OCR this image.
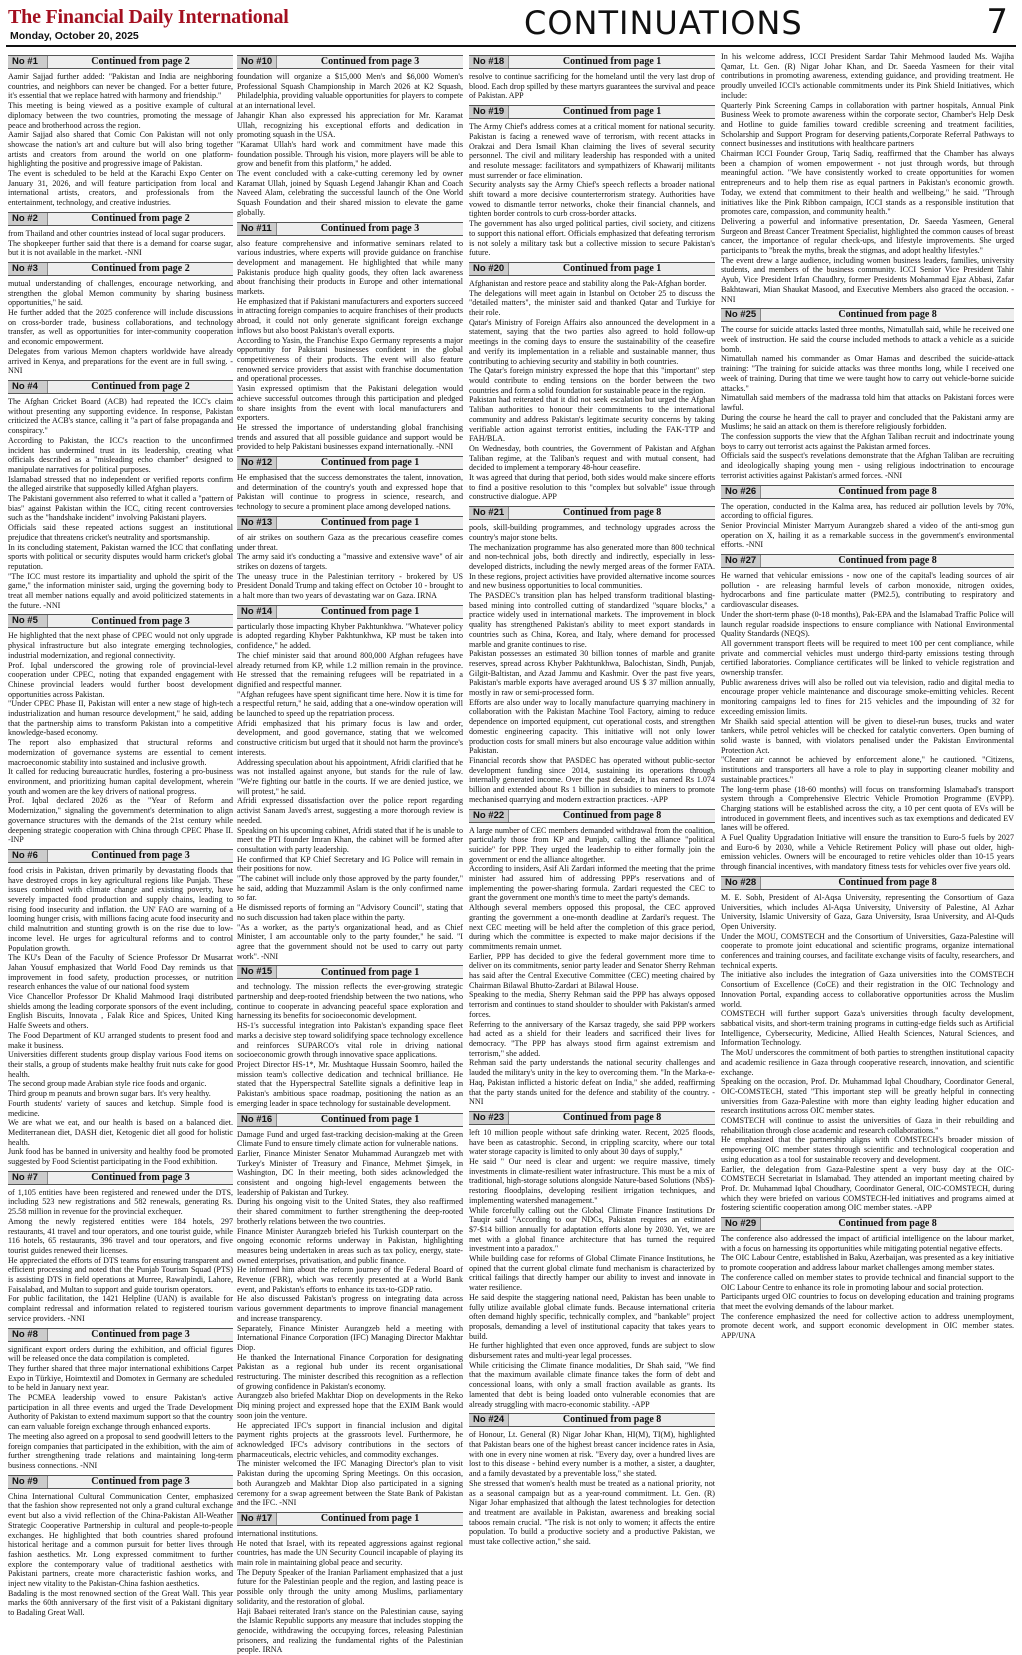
The Financial Daily International
Monday, October 20, 2025	CONTINUATIONS	7
No #1	Continued from page 2

Aamir Sajjad further added: "Pakistan and India are neighboring countries, and neighbors can never be changed. For a better future, it's essential that we replace hatred with harmony and friendship."

This meeting is being viewed as a positive example of cultural diplomacy between the two countries, promoting the message of peace and brotherhood across the region.

Aamir Sajjad also shared that Comic Con Pakistan will not only showcase the nation's art and culture but will also bring together artists and creators from around the world on one platform-highlighting the positive and progressive image of Pakistan.

The event is scheduled to be held at the Karachi Expo Center on January 31, 2026, and will feature participation from local and international artists, creators, and professionals from the entertainment, technology, and creative industries.

No #2	Continued from page 2

from Thailand and other countries instead of local sugar producers.

The shopkeeper further said that there is a demand for coarse sugar, but it is not available in the market. -NNI

No #3	Continued from page 2

mutual understanding of challenges, encourage networking, and strengthen the global Memon community by sharing business opportunities," he said.

He further added that the 2025 conference will include discussions on cross-border trade, business collaborations, and technology transfer, as well as opportunities for inter-community cooperation and economic empowerment.

Delegates from various Memon chapters worldwide have already arrived in Kenya, and preparations for the event are in full swing. -NNI

No #4	Continued from page 2

The Afghan Cricket Board (ACB) had repeated the ICC's claim without presenting any supporting evidence. In response, Pakistan criticized the ACB's stance, calling it "a part of false propaganda and conspiracy."

According to Pakistan, the ICC's reaction to the unconfirmed incident has undermined trust in its leadership, creating what officials described as a "misleading echo chamber" designed to manipulate narratives for political purposes.

Islamabad stressed that no independent or verified reports confirm the alleged airstrike that supposedly killed Afghan players.

The Pakistani government also referred to what it called a "pattern of bias" against Pakistan within the ICC, citing recent controversies such as the "handshake incident" involving Pakistani players.

Officials said these repeated actions suggest an institutional prejudice that threatens cricket's neutrality and sportsmanship.

In its concluding statement, Pakistan warned the ICC that conflating sports with political or security disputes would harm cricket's global reputation.

"The ICC must restore its impartiality and uphold the spirit of the game," the information minister said, urging the governing body to treat all member nations equally and avoid politicized statements in the future. -NNI

No #5	Continued from page 3

He highlighted that the next phase of CPEC would not only upgrade physical infrastructure but also integrate emerging technologies, industrial modernization, and regional connectivity.

Prof. Iqbal underscored the growing role of provincial-level cooperation under CPEC, noting that expanded engagement with Chinese provincial leaders would further boost development opportunities across Pakistan.

"Under CPEC Phase II, Pakistan will enter a new stage of high-tech industrialization and human resource development," he said, adding that the partnership aims to transform Pakistan into a competitive knowledge-based economy.

The report also emphasized that structural reforms and modernization of governance systems are essential to cement macroeconomic stability into sustained and inclusive growth.

It called for reducing bureaucratic hurdles, fostering a pro-business environment, and prioritizing human capital development, wherein youth and women are the key drivers of national progress.

Prof. Iqbal declared 2026 as the "Year of Reform and Modernization," signaling the government's determination to align governance structures with the demands of the 21st century while deepening strategic cooperation with China through CPEC Phase II. -INP

No #6	Continued from page 3

food crisis in Pakistan, driven primarily by devastating floods that have destroyed crops in key agricultural regions like Punjab. These issues combined with climate change and existing poverty, have severely impacted food production and supply chains, leading to rising food insecurity and inflation. the UN' FAO are warning of a looming hunger crisis, with millions facing acute food insecurity and child malnutrition and stunting growth is on the rise due to low-income level. He urges for agricultural reforms and to control Population growth.

The KU's Dean of the Faculty of Science Professor Dr Musarrat Jahan Yousuf emphasized that World Food Day reminds us that improvement in food safety, production processes, or nutrition research enhances the value of our national food system

Vice Chancellor Professor Dr Khalid Mahmood Iraqi distributed shields among the leading corporate sponsors of the event including, English Biscuits, Innovata , Falak Rice and Spices, United King Halfe Sweets and others.

The Food Department of KU arranged students to present food and make it business.

Universities different students group display various Food items on their stalls, a group of students make healthy fruit nuts cake for good health.

The second group made Arabian style rice foods and organic.

Third group m peanuts and brown sugar bars. It's very healthy.

Fourth students' variety of sauces and ketchup. Simple food is medicine.

We are what we eat, and our health is based on a balanced diet. Mediterranean diet, DASH diet, Ketogenic diet all good for holistic health.

Junk food has be banned in university and healthy food be promoted suggested by Food Scientist participating in the Food exhibition.

No #7	Continued from page 3

of 1,105 entities have been registered and renewed under the DTS, including 523 new registrations and 582 renewals, generating Rs. 25.58 million in revenue for the provincial exchequer.

Among the newly registered entities were 184 hotels, 297 restaurants, 41 travel and tour operators, and one tourist guide, while 116 hotels, 65 restaurants, 396 travel and tour operators, and five tourist guides renewed their licenses.

He appreciated the efforts of DTS teams for ensuring transparent and efficient processing and noted that the Punjab Tourism Squad (PTS) is assisting DTS in field operations at Murree, Rawalpindi, Lahore, Faisalabad, and Multan to support and guide tourism operators.

For public facilitation, the 1421 Helpline (UAN) is available for complaint redressal and information related to registered tourism service providers. -NNI

No #8	Continued from page 3

significant export orders during the exhibition, and official figures will be released once the data compilation is completed.

They further shared that three major international exhibitions Carpet Expo in Türkiye, Hoimtextil and Domotex in Germany are scheduled to be held in January next year.

The PCMEA leadership vowed to ensure Pakistan's active participation in all three events and urged the Trade Development Authority of Pakistan to extend maximum support so that the country can earn valuable foreign exchange through enhanced exports.

The meeting also agreed on a proposal to send goodwill letters to the foreign companies that participated in the exhibition, with the aim of further strengthening trade relations and maintaining long-term business connections. -NNI

No #9	Continued from page 3

China International Cultural Communication Center, emphasized that the fashion show represented not only a grand cultural exchange event but also a vivid reflection of the China-Pakistan All-Weather Strategic Cooperative Partnership in cultural and people-to-people exchanges. He highlighted that both countries shared profound historical heritage and a common pursuit for better lives through fashion aesthetics. Mr. Long expressed commitment to further explore the contemporary value of traditional aesthetics with Pakistani partners, create more characteristic fashion works, and inject new vitality to the Pakistan-China fashion aesthetics.

Badaling is the most renowned section of the Great Wall. This year marks the 60th anniversary of the first visit of a Pakistani dignitary to Badaling Great Wall.

No #10	Continued from page 3

foundation will organize a $15,000 Men's and $6,000 Women's Professional Squash Championship in March 2026 at K2 Squash, Philadelphia, providing valuable opportunities for players to compete at an international level.

Jahangir Khan also expressed his appreciation for Mr. Karamat Ullah, recognizing his exceptional efforts and dedication in promoting squash in the USA.

"Karamat Ullah's hard work and commitment have made this foundation possible. Through his vision, more players will be able to grow and benefit from this platform," he added.

The event concluded with a cake-cutting ceremony led by owner Karamat Ullah, joined by Squash Legend Jahangir Khan and Coach Naveed Alam, celebrating the successful launch of the One World Squash Foundation and their shared mission to elevate the game globally.

No #11	Continued from page 3

also feature comprehensive and informative seminars related to various industries, where experts will provide guidance on franchise development and management. He highlighted that while many Pakistanis produce high quality goods, they often lack awareness about franchising their products in Europe and other international markets.

He emphasized that if Pakistani manufacturers and exporters succeed in attracting foreign companies to acquire franchises of their products abroad, it could not only generate significant foreign exchange inflows but also boost Pakistan's overall exports.

According to Yasin, the Franchise Expo Germany represents a major opportunity for Pakistani businesses confident in the global competitiveness of their products. The event will also feature renowned service providers that assist with franchise documentation and operational processes.

Yasin expressed optimism that the Pakistani delegation would achieve successful outcomes through this participation and pledged to share insights from the event with local manufacturers and exporters.

He stressed the importance of understanding global franchising trends and assured that all possible guidance and support would be provided to help Pakistani businesses expand internationally. -NNI

No #12	Continued from page 1

He emphasised that the success demonstrates the talent, innovation, and determination of the country's youth and expressed hope that Pakistan will continue to progress in science, research, and technology to secure a prominent place among developed nations.

No #13	Continued from page 1

of air strikes on southern Gaza as the precarious ceasefire comes under threat.

The army said it's conducting a "massive and extensive wave" of air strikes on dozens of targets.

The uneasy truce in the Palestinian territory - brokered by US President Donald Trump and taking effect on October 10 - brought to a halt more than two years of devastating war on Gaza. IRNA

No #14	Continued from page 1

particularly those impacting Khyber Pakhtunkhwa. "Whatever policy is adopted regarding Khyber Pakhtunkhwa, KP must be taken into confidence," he added.

The chief minister said that around 800,000 Afghan refugees have already returned from KP, while 1.2 million remain in the province. He stressed that the remaining refugees will be repatriated in a dignified and respectful manner.

"Afghan refugees have spent significant time here. Now it is time for a respectful return," he said, adding that a one-window operation will be launched to speed up the repatriation process.

Afridi emphasized that his primary focus is law and order, development, and good governance, stating that we welcomed constructive criticism but urged that it should not harm the province's interests.

Addressing speculation about his appointment, Afridi clarified that he was not installed against anyone, but stands for the rule of law. "We're fighting our battle in the courts. If we are denied justice, we will protest," he said.

Afridi expressed dissatisfaction over the police report regarding activist Sanam Javed's arrest, suggesting a more thorough review is needed.

Speaking on his upcoming cabinet, Afridi stated that if he is unable to meet the PTI founder Imran Khan, the cabinet will be formed after consultation with party leadership.

He confirmed that KP Chief Secretary and IG Police will remain in their positions for now.

"The cabinet will include only those approved by the party founder," he said, adding that Muzzammil Aslam is the only confirmed name so far.

He dismissed reports of forming an "Advisory Council", stating that no such discussion had taken place within the party.

"As a worker, as the party's organizational head, and as Chief Minister, I am accountable only to the party founder," he said. "I agree that the government should not be used to carry out party work". -NNI

No #15	Continued from page 1

and technology. The mission reflects the ever-growing strategic partnership and deep-rooted friendship between the two nations, who continue to cooperate in advancing peaceful space exploration and harnessing its benefits for socioeconomic development.

HS-1's successful integration into Pakistan's expanding space fleet marks a decisive step toward solidifying space technology excellence and reinforces SUPARCO's vital role in driving national socioeconomic growth through innovative space applications.

Project Director HS-1*, Mr. Mushtaque Hussain Soomro, hailed the mission team's collective dedication and technical brilliance. He stated that the Hyperspectral Satellite signals a definitive leap in Pakistan's ambitious space roadmap, positioning the nation as an emerging leader in space technology for sustainable development.

No #16	Continued from page 1

Damage Fund and urged fast-tracking decision-making at the Green Climate Fund to ensure timely climate action for vulnerable nations.

Earlier, Finance Minister Senator Muhammad Aurangzeb met with Turkey's Minister of Treasury and Finance, Mehmet Şimşek, in Washington, DC In their meeting, both sides acknowledged the consistent and ongoing high-level engagements between the leadership of Pakistan and Turkey.

During his ongoing visit to the United States, they also reaffirmed their shared commitment to further strengthening the deep-rooted brotherly relations between the two countries.

Finance Minister Aurangzeb briefed his Turkish counterpart on the ongoing economic reforms underway in Pakistan, highlighting measures being undertaken in areas such as tax policy, energy, state-owned enterprises, privatisation, and public finance.

He informed him about the reform journey of the Federal Board of Revenue (FBR), which was recently presented at a World Bank event, and Pakistan's efforts to enhance its tax-to-GDP ratio.

He also discussed Pakistan's progress on integrating data across various government departments to improve financial management and increase transparency.

Separately, Finance Minister Aurangzeb held a meeting with International Finance Corporation (IFC) Managing Director Makhtar Diop.

He thanked the International Finance Corporation for designating Pakistan as a regional hub under its recent organisational restructuring. The minister described this recognition as a reflection of growing confidence in Pakistan's economy.

Aurangzeb also briefed Makhtar Diop on developments in the Reko Diq mining project and expressed hope that the EXIM Bank would soon join the venture.

He appreciated IFC's support in financial inclusion and digital payment rights projects at the grassroots level. Furthermore, he acknowledged IFC's advisory contributions in the sectors of pharmaceuticals, electric vehicles, and commodity exchanges.

The minister welcomed the IFC Managing Director's plan to visit Pakistan during the upcoming Spring Meetings. On this occasion, both Aurangzeb and Makhtar Diop also participated in a signing ceremony for a swap agreement between the State Bank of Pakistan and the IFC. -NNI

No #17	Continued from page 1

international institutions.

He noted that Israel, with its repeated aggressions against regional countries, has made the UN Security Council incapable of playing its main role in maintaining global peace and security.

The Deputy Speaker of the Iranian Parliament emphasized that a just future for the Palestinian people and the region, and lasting peace is possible only through the unity among Muslims, parliamentary solidarity, and the restoration of global.

Haji Babaei reiterated Iran's stance on the Palestinian cause, saying the Islamic Republic supports any measure that includes stopping the genocide, withdrawing the occupying forces, releasing Palestinian prisoners, and realizing the fundamental rights of the Palestinian people. IRNA

No #18	Continued from page 1

resolve to continue sacrificing for the homeland until the very last drop of blood. Each drop spilled by these martyrs guarantees the survival and peace of Pakistan. APP

No #19	Continued from page 1

The Army Chief's address comes at a critical moment for national security. Pakistan is facing a renewed wave of terrorism, with recent attacks in Orakzai and Dera Ismail Khan claiming the lives of several security personnel. The civil and military leadership has responded with a united and resolute message: facilitators and sympathizers of Khawarij militants must surrender or face elimination.

Security analysts say the Army Chief's speech reflects a broader national shift toward a more decisive counterterrorism strategy. Authorities have vowed to dismantle terror networks, choke their financial channels, and tighten border controls to curb cross-border attacks.

The government has also urged political parties, civil society, and citizens to support this national effort. Officials emphasized that defeating terrorism is not solely a military task but a collective mission to secure Pakistan's future.

No #20	Continued from page 1

Afghanistan and restore peace and stability along the Pak-Afghan border.

The delegations will meet again in Istanbul on October 25 to discuss the "detailed matters", the minister said and thanked Qatar and Turkiye for their role.

Qatar's Ministry of Foreign Affairs also announced the development in a statement, saying that the two parties also agreed to hold follow-up meetings in the coming days to ensure the sustainability of the ceasefire and verify its implementation in a reliable and sustainable manner, thus contributing to achieving security and stability in both countries.

The Qatar's foreign ministry expressed the hope that this "important" step would contribute to ending tensions on the border between the two countries and form a solid foundation for sustainable peace in the region.

Pakistan had reiterated that it did not seek escalation but urged the Afghan Taliban authorities to honour their commitments to the international community and address Pakistan's legitimate security concerns by taking verifiable action against terrorist entities, including the FAK-TTP and FAH/BLA.

On Wednesday, both countries, the Government of Pakistan and Afghan Taliban regime, at the Taliban's request and with mutual consent, had decided to implement a temporary 48-hour ceasefire.

It was agreed that during that period, both sides would make sincere efforts to find a positive resolution to this "complex but solvable" issue through constructive dialogue. APP

No #21	Continued from page 8

pools, skill-building programmes, and technology upgrades across the country's major stone belts.

The mechanization programme has also generated more than 800 technical and non-technical jobs, both directly and indirectly, especially in less-developed districts, including the newly merged areas of the former FATA. In these regions, project activities have provided alternative income sources and new business opportunities to local communities.

The PASDEC's transition plan has helped transform traditional blasting-based mining into controlled cutting of standardized "square blocks," a practice widely used in international markets. The improvement in block quality has strengthened Pakistan's ability to meet export standards in countries such as China, Korea, and Italy, where demand for processed marble and granite continues to rise.

Pakistan possesses an estimated 30 billion tonnes of marble and granite reserves, spread across Khyber Pakhtunkhwa, Balochistan, Sindh, Punjab, Gilgit-Baltistan, and Azad Jammu and Kashmir. Over the past five years, Pakistan's marble exports have averaged around US $ 37 million annually, mostly in raw or semi-processed form.

Efforts are also under way to locally manufacture quarrying machinery in collaboration with the Pakistan Machine Tool Factory, aiming to reduce dependence on imported equipment, cut operational costs, and strengthen domestic engineering capacity. This initiative will not only lower production costs for small miners but also encourage value addition within Pakistan.

Financial records show that PASDEC has operated without public-sector development funding since 2014, sustaining its operations through internally generated income. Over the past decade, it has earned Rs 1.074 billion and extended about Rs 1 billion in subsidies to miners to promote mechanised quarrying and modern extraction practices. -APP

No #22	Continued from page 8

A large number of CEC members demanded withdrawal from the coalition, particularly those from KP and Punjab, calling the alliance "political suicide" for PPP. They urged the leadership to either formally join the government or end the alliance altogether.

According to insiders, Asif Ali Zardari informed the meeting that the prime minister had assured him of addressing PPP's reservations and of implementing the power-sharing formula. Zardari requested the CEC to grant the government one month's time to meet the party's demands.

Although several members opposed this proposal, the CEC approved granting the government a one-month deadline at Zardari's request. The next CEC meeting will be held after the completion of this grace period, during which the committee is expected to make major decisions if the commitments remain unmet.

Earlier, PPP has decided to give the federal government more time to deliver on its commitments, senior party leader and Senator Sherry Rehman has said after the Central Executive Committee (CEC) meeting chaired by Chairman Bilawal Bhutto-Zardari at Bilawal House.

Speaking to the media, Sherry Rehman said the PPP has always opposed terrorism and continues to stand shoulder to shoulder with Pakistan's armed forces.

Referring to the anniversary of the Karsaz tragedy, she said PPP workers had acted as a shield for their leaders and sacrificed their lives for democracy. "The PPP has always stood firm against extremism and terrorism," she added.

Rehman said the party understands the national security challenges and lauded the military's unity in the key to overcoming them. "In the Marka-e-Haq, Pakistan inflicted a historic defeat on India," she added, reaffirming that the party stands united for the defence and stability of the country. -NNI

No #23	Continued from page 8

left 10 million people without safe drinking water. Recent, 2025 floods, have been as catastrophic. Second, in crippling scarcity, where our total water storage capacity is limited to only about 30 days of supply,"

He said " Our need is clear and urgent: we require massive, timely investments in climate-resilient water infrastructure. This must be a mix of traditional, high-storage solutions alongside Nature-based Solutions (NbS)-restoring floodplains, developing resilient irrigation techniques, and implementing watershed management."

While forcefully calling out the Global Climate Finance Institutions Dr Tauqir said "According to our NDCs, Pakistan requires an estimated $7-$14 billion annually for adaptation efforts alone by 2030. Yet, we are met with a global finance architecture that has turned the required investment into a paradox."

While building case for reforms of Global Climate Finance Institutions, he opined that the current global climate fund mechanism is characterized by critical failings that directly hamper our ability to invest and innovate in water resilience.

He said despite the staggering national need, Pakistan has been unable to fully utilize available global climate funds. Because international criteria often demand highly specific, technically complex, and "bankable" project proposals, demanding a level of institutional capacity that takes years to build.

He further highlighted that even once approved, funds are subject to slow disbursement rates and multi-year legal processes.

While criticising the Climate finance modalities, Dr Shah said, "We find that the maximum available climate finance takes the form of debt and concessional loans, with only a small fraction available as grants. Its lamented that debt is being loaded onto vulnerable economies that are already struggling with macro-economic stability. -APP

No #24	Continued from page 8

of Honour, Lt. General (R) Nigar Johar Khan, HI(M), TI(M), highlighted that Pakistan bears one of the highest breast cancer incidence rates in Asia, with one in every nine women at risk. "Every day, over a hundred lives are lost to this disease - behind every number is a mother, a sister, a daughter, and a family devastated by a preventable loss," she stated.

She stressed that women's health must be treated as a national priority, not as a seasonal campaign but as a year-round commitment. Lt. Gen. (R) Nigar Johar emphasized that although the latest technologies for detection and treatment are available in Pakistan, awareness and breaking social taboos remain crucial. "The risk is not only to women; it affects the entire population. To build a productive society and a productive Pakistan, we must take collective action," she said.

In his welcome address, ICCI President Sardar Tahir Mehmood lauded Ms. Wajiha Qamar, Lt. Gen. (R) Nigar Johar Khan, and Dr. Saeeda Yasmeen for their vital contributions in promoting awareness, extending guidance, and providing treatment. He proudly unveiled ICCI's actionable commitments under its Pink Shield Initiatives, which include:

Quarterly Pink Screening Camps in collaboration with partner hospitals, Annual Pink Business Week to promote awareness within the corporate sector, Chamber's Help Desk and Hotline to guide families toward credible screening and treatment facilities, Scholarship and Support Program for deserving patients,Corporate Referral Pathways to connect businesses and institutions with healthcare partners

Chairman ICCI Founder Group, Tariq Sadiq, reaffirmed that the Chamber has always been a champion of women empowerment - not just through words, but through meaningful action. "We have consistently worked to create opportunities for women entrepreneurs and to help them rise as equal partners in Pakistan's economic growth. Today, we extend that commitment to their health and wellbeing," he said. "Through initiatives like the Pink Ribbon campaign, ICCI stands as a responsible institution that promotes care, compassion, and community health."

Delivering a powerful and informative presentation, Dr. Saeeda Yasmeen, General Surgeon and Breast Cancer Treatment Specialist, highlighted the common causes of breast cancer, the importance of regular check-ups, and lifestyle improvements. She urged participants to "break the myths, break the stigmas, and adopt healthy lifestyles."

The event drew a large audience, including women business leaders, families, university students, and members of the business community. ICCI Senior Vice President Tahir Ayub, Vice President Irfan Chaudhry, former Presidents Mohammad Ejaz Abbasi, Zafar Bakhtawari, Mian Shaukat Masood, and Executive Members also graced the occasion. -NNI

No #25	Continued from page 8

The course for suicide attacks lasted three months, Nimatullah said, while he received one week of instruction. He said the course included methods to attack a vehicle as a suicide bomb.

Nimatullah named his commander as Omar Hamas and described the suicide-attack training: "The training for suicide attacks was three months long, while I received one week of training. During that time we were taught how to carry out vehicle-borne suicide attacks."

Nimatullah said members of the madrassa told him that attacks on Pakistani forces were lawful.

During the course he heard the call to prayer and concluded that the Pakistani army are Muslims; he said an attack on them is therefore religiously forbidden.

The confession supports the view that the Afghan Taliban recruit and indoctrinate young boys to carry out terrorist acts against the Pakistan armed forces.

Officials said the suspect's revelations demonstrate that the Afghan Taliban are recruiting and ideologically shaping young men - using religious indoctrination to encourage terrorist activities against Pakistan's armed forces. -NNI

No #26	Continued from page 8

The operation, conducted in the Kalma area, has reduced air pollution levels by 70%, according to official figures.

Senior Provincial Minister Marryum Aurangzeb shared a video of the anti-smog gun operation on X, hailing it as a remarkable success in the government's environmental efforts. -NNI

No #27	Continued from page 8

He warned that vehicular emissions - now one of the capital's leading sources of air pollution - are releasing harmful levels of carbon monoxide, nitrogen oxides, hydrocarbons and fine particulate matter (PM2.5), contributing to respiratory and cardiovascular diseases.

Under the short-term phase (0-18 months), Pak-EPA and the Islamabad Traffic Police will launch regular roadside inspections to ensure compliance with National Environmental Quality Standards (NEQS).

All government transport fleets will be required to meet 100 per cent compliance, while private and commercial vehicles must undergo third-party emissions testing through certified laboratories. Compliance certificates will be linked to vehicle registration and ownership transfer.

Public awareness drives will also be rolled out via television, radio and digital media to encourage proper vehicle maintenance and discourage smoke-emitting vehicles. Recent monitoring campaigns led to fines for 215 vehicles and the impounding of 32 for exceeding emission limits.

Mr Shaikh said special attention will be given to diesel-run buses, trucks and water tankers, while petrol vehicles will be checked for catalytic converters. Open burning of solid waste is banned, with violators penalised under the Pakistan Environmental Protection Act.

"Cleaner air cannot be achieved by enforcement alone," he cautioned. "Citizens, institutions and transporters all have a role to play in supporting cleaner mobility and sustainable practices."

The long-term phase (18-60 months) will focus on transforming Islamabad's transport system through a Comprehensive Electric Vehicle Promotion Programme (EVPP). Charging stations will be established across the city, a 10 per cent quota of EVs will be introduced in government fleets, and incentives such as tax exemptions and dedicated EV lanes will be offered.

A Fuel Quality Upgradation Initiative will ensure the transition to Euro-5 fuels by 2027 and Euro-6 by 2030, while a Vehicle Retirement Policy will phase out older, high-emission vehicles. Owners will be encouraged to retire vehicles older than 10-15 years through financial incentives, with mandatory fitness tests for vehicles over five years old.

No #28	Continued from page 8

M. E. Sobh, President of Al-Aqsa University, representing the Consortium of Gaza Universities, which includes Al-Aqsa University, University of Palestine, Al Azhar University, Islamic University of Gaza, Gaza University, Israa University, and Al-Quds Open University.

Under the MOU, COMSTECH and the Consortium of Universities, Gaza-Palestine will cooperate to promote joint educational and scientific programs, organize international conferences and training courses, and facilitate exchange visits of faculty, researchers, and technical experts.

The initiative also includes the integration of Gaza universities into the COMSTECH Consortium of Excellence (CoCE) and their registration in the OIC Technology and Innovation Portal, expanding access to collaborative opportunities across the Muslim world.

COMSTECH will further support Gaza's universities through faculty development, sabbatical visits, and short-term training programs in cutting-edge fields such as Artificial Intelligence, Cybersecurity, Medicine, Allied Health Sciences, Natural Sciences, and Information Technology.

The MoU underscores the commitment of both parties to strengthen institutional capacity and academic resilience in Gaza through cooperative research, innovation, and scientific exchange.

Speaking on the occasion, Prof. Dr. Muhammad Iqbal Choudhary, Coordinator General, OIC-COMSTECH, stated "This important step will be greatly helpful in connecting universities from Gaza-Palestine with more than eighty leading higher education and research institutions across OIC member states.

COMSTECH will continue to assist the universities of Gaza in their rebuilding and rehabilitation through close academic and research collaborations."

He emphasized that the partnership aligns with COMSTECH's broader mission of empowering OIC member states through scientific and technological cooperation and using education as a tool for sustainable recovery and development.

Earlier, the delegation from Gaza-Palestine spent a very busy day at the OIC-COMSTECH Secretariat in Islamabad. They attended an important meeting chaired by Prof. Dr. Muhammad Iqbal Choudhary, Coordinator General, OIC-COMSTECH, during which they were briefed on various COMSTECH-led initiatives and programs aimed at fostering scientific cooperation among OIC member states. -APP

No #29	Continued from page 8

The conference also addressed the impact of artificial intelligence on the labour market, with a focus on harnessing its opportunities while mitigating potential negative effects.

The OIC Labour Centre, established in Baku, Azerbaijan, was presented as a key initiative to promote cooperation and address labour market challenges among member states.

The conference called on member states to provide technical and financial support to the OIC Labour Centre to enhance its role in promoting labour and social protection.

Participants urged OIC countries to focus on developing education and training programs that meet the evolving demands of the labour market.

The conference emphasized the need for collective action to address unemployment, promote decent work, and support economic development in OIC member states. APP/UNA
